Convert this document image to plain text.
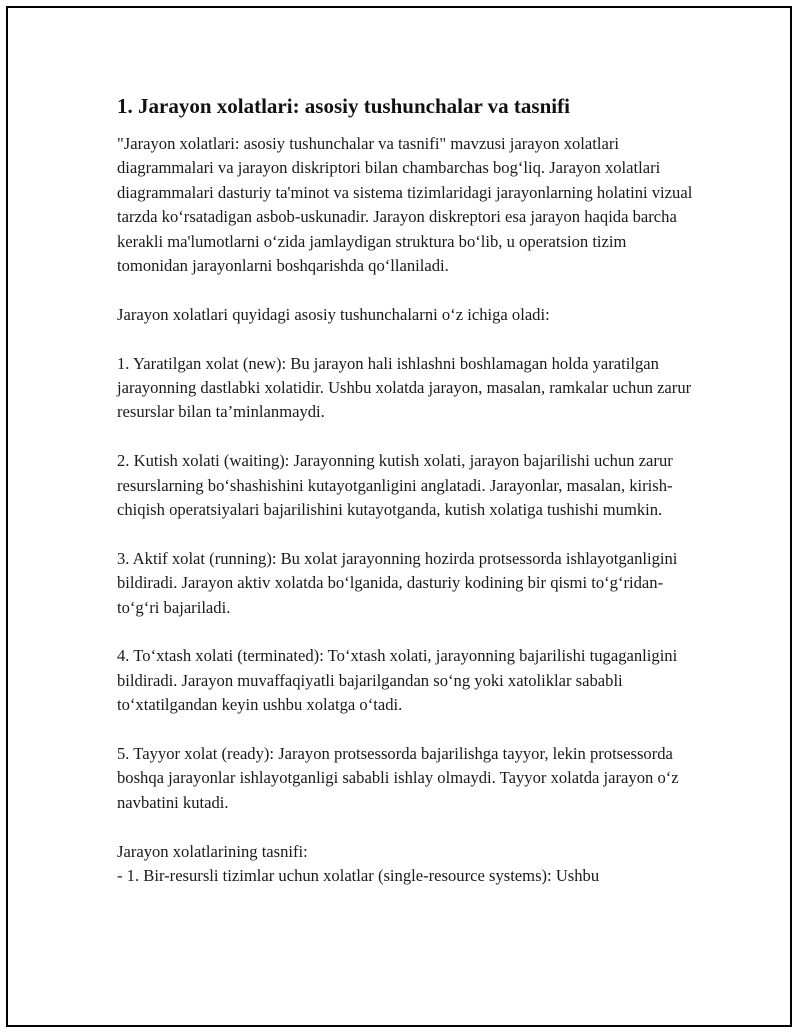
1. Jarayon xolatlari: asosiy tushunchalar va tasnifi

"Jarayon xolatlari: asosiy tushunchalar va tasnifi" mavzusi jarayon xolatlari diagrammalari va jarayon diskriptori bilan chambarchas bog‘liq. Jarayon xolatlari diagrammalari dasturiy ta'minot va sistema tizimlaridagi jarayonlarning holatini vizual tarzda ko‘rsatadigan asbob-uskunadir. Jarayon diskreptori esa jarayon haqida barcha kerakli ma'lumotlarni o‘zida jamlaydigan struktura bo‘lib, u operatsion tizim tomonidan jarayonlarni boshqarishda qo‘llaniladi.

Jarayon xolatlari quyidagi asosiy tushunchalarni o‘z ichiga oladi:

1. Yaratilgan xolat (new): Bu jarayon hali ishlashni boshlamagan holda yaratilgan jarayonning dastlabki xolatidir. Ushbu xolatda jarayon, masalan, ramkalar uchun zarur resurslar bilan ta’minlanmaydi.

2. Kutish xolati (waiting): Jarayonning kutish xolati, jarayon bajarilishi uchun zarur resurslarning bo‘shashishini kutayotganligini anglatadi. Jarayonlar, masalan, kirish-chiqish operatsiyalari bajarilishini kutayotganda, kutish xolatiga tushishi mumkin.

3. Aktif xolat (running): Bu xolat jarayonning hozirda protsessorda ishlayotganligini bildiradi. Jarayon aktiv xolatda bo‘lganida, dasturiy kodining bir qismi to‘g‘ridan-to‘g‘ri bajariladi.

4. To‘xtash xolati (terminated): To‘xtash xolati, jarayonning bajarilishi tugaganligini bildiradi. Jarayon muvaffaqiyatli bajarilgandan so‘ng yoki xatoliklar sababli to‘xtatilgandan keyin ushbu xolatga o‘tadi.

5. Tayyor xolat (ready): Jarayon protsessorda bajarilishga tayyor, lekin protsessorda boshqa jarayonlar ishlayotganligi sababli ishlay olmaydi. Tayyor xolatda jarayon o‘z navbatini kutadi.

Jarayon xolatlarining tasnifi:

- 1. Bir-resursli tizimlar uchun xolatlar (single-resource systems): Ushbu
